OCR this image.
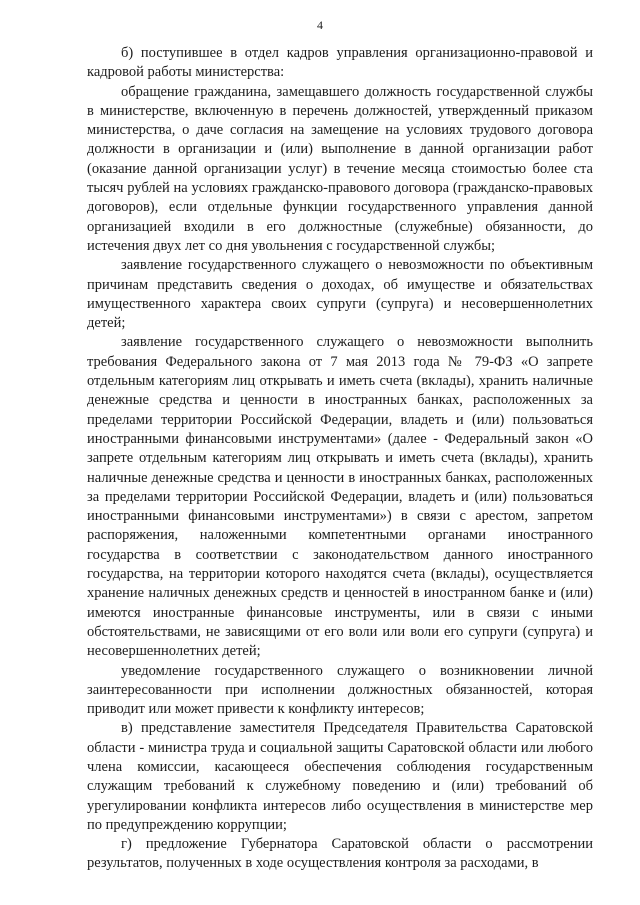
4

б) поступившее в отдел кадров управления организационно-правовой и кадровой работы министерства:

обращение гражданина, замещавшего должность государственной службы в министерстве, включенную в перечень должностей, утвержденный приказом министерства, о даче согласия на замещение на условиях трудового договора должности в организации и (или) выполнение в данной организации работ (оказание данной организации услуг) в течение месяца стоимостью более ста тысяч рублей на условиях гражданско-правового договора (гражданско-правовых договоров), если отдельные функции государственного управления данной организацией входили в его должностные (служебные) обязанности, до истечения двух лет со дня увольнения с государственной службы;

заявление государственного служащего о невозможности по объективным причинам представить сведения о доходах, об имуществе и обязательствах имущественного характера своих супруги (супруга) и несовершеннолетних детей;

заявление государственного служащего о невозможности выполнить требования Федерального закона от 7 мая 2013 года № 79-ФЗ «О запрете отдельным категориям лиц открывать и иметь счета (вклады), хранить наличные денежные средства и ценности в иностранных банках, расположенных за пределами территории Российской Федерации, владеть и (или) пользоваться иностранными финансовыми инструментами» (далее - Федеральный закон «О запрете отдельным категориям лиц открывать и иметь счета (вклады), хранить наличные денежные средства и ценности в иностранных банках, расположенных за пределами территории Российской Федерации, владеть и (или) пользоваться иностранными финансовыми инструментами») в связи с арестом, запретом распоряжения, наложенными компетентными органами иностранного государства в соответствии с законодательством данного иностранного государства, на территории которого находятся счета (вклады), осуществляется хранение наличных денежных средств и ценностей в иностранном банке и (или) имеются иностранные финансовые инструменты, или в связи с иными обстоятельствами, не зависящими от его воли или воли его супруги (супруга) и несовершеннолетних детей;

уведомление государственного служащего о возникновении личной заинтересованности при исполнении должностных обязанностей, которая приводит или может привести к конфликту интересов;

в) представление заместителя Председателя Правительства Саратовской области - министра труда и социальной защиты Саратовской области или любого члена комиссии, касающееся обеспечения соблюдения государственным служащим требований к служебному поведению и (или) требований об урегулировании конфликта интересов либо осуществления в министерстве мер по предупреждению коррупции;

г) предложение Губернатора Саратовской области о рассмотрении результатов, полученных в ходе осуществления контроля за расходами, в
